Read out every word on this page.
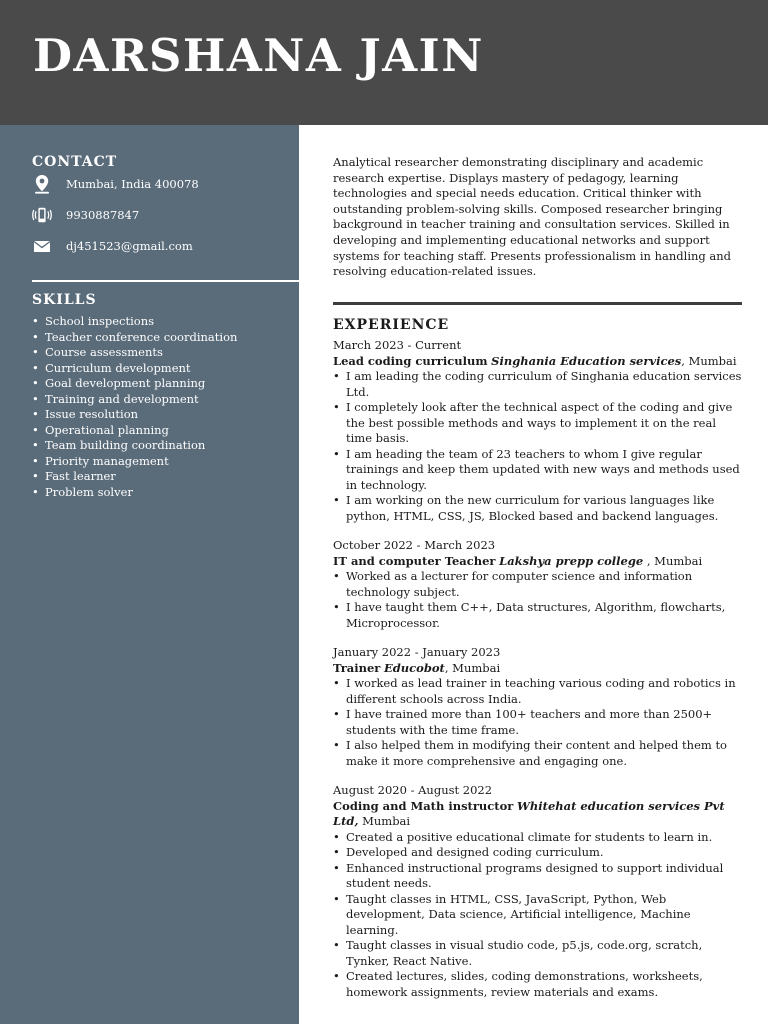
DARSHANA JAIN
CONTACT
Mumbai, India 400078
9930887847
dj451523@gmail.com
SKILLS
• School inspections
• Teacher conference coordination
• Course assessments
• Curriculum development
• Goal development planning
• Training and development
• Issue resolution
• Operational planning
• Team building coordination
• Priority management
• Fast learner
• Problem solver

Analytical researcher demonstrating disciplinary and academic research expertise. Displays mastery of pedagogy, learning technologies and special needs education. Critical thinker with outstanding problem-solving skills. Composed researcher bringing background in teacher training and consultation services. Skilled in developing and implementing educational networks and support systems for teaching staff. Presents professionalism in handling and resolving education-related issues.

EXPERIENCE
March 2023 - Current
Lead coding curriculum Singhania Education services, Mumbai
• I am leading the coding curriculum of Singhania education services Ltd.
• I completely look after the technical aspect of the coding and give the best possible methods and ways to implement it on the real time basis.
• I am heading the team of 23 teachers to whom I give regular trainings and keep them updated with new ways and methods used in technology.
• I am working on the new curriculum for various languages like python, HTML, CSS, JS, Blocked based and backend languages.
October 2022 - March 2023
IT and computer Teacher Lakshya prepp college , Mumbai
• Worked as a lecturer for computer science and information technology subject.
• I have taught them C++, Data structures, Algorithm, flowcharts, Microprocessor.
January 2022 - January 2023
Trainer Educobot, Mumbai
• I worked as lead trainer in teaching various coding and robotics in different schools across India.
• I have trained more than 100+ teachers and more than 2500+ students with the time frame.
• I also helped them in modifying their content and helped them to make it more comprehensive and engaging one.
August 2020 - August 2022
Coding and Math instructor Whitehat education services Pvt Ltd, Mumbai
• Created a positive educational climate for students to learn in.
• Developed and designed coding curriculum.
• Enhanced instructional programs designed to support individual student needs.
• Taught classes in HTML, CSS, JavaScript, Python, Web development, Data science, Artificial intelligence, Machine learning.
• Taught classes in visual studio code, p5.js, code.org, scratch, Tynker, React Native.
• Created lectures, slides, coding demonstrations, worksheets, homework assignments, review materials and exams.
